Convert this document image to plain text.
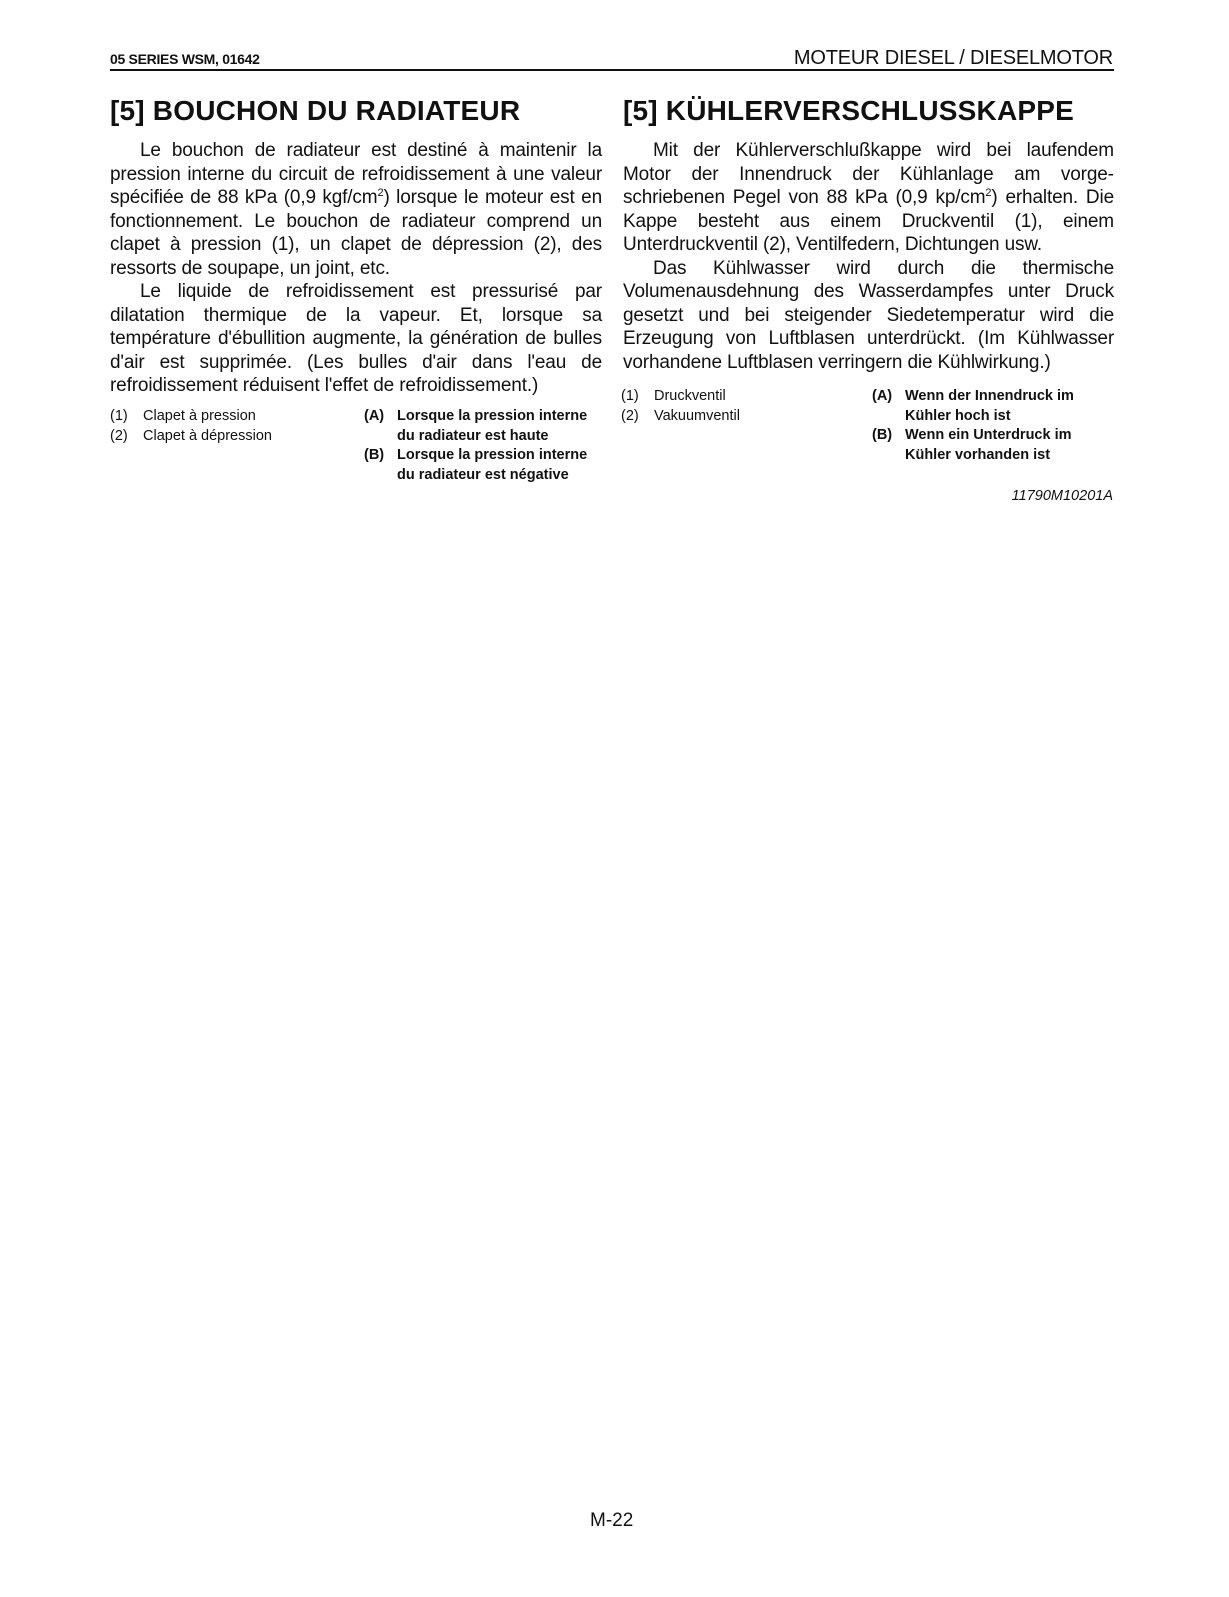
05 SERIES WSM, 01642	MOTEUR DIESEL / DIESELMOTOR
[5] BOUCHON DU RADIATEUR

Le bouchon de radiateur est destiné à maintenir la pression interne du circuit de refroidissement à une valeur spécifiée de 88 kPa (0,9 kgf/$cm^2$) lorsque le moteur est en fonctionnement. Le bouchon de radiateur comprend un clapet à pression (1), un clapet de dépression (2), des ressorts de soupape, un joint, etc.

Le liquide de refroidissement est pressurisé par dilatation thermique de la vapeur. Et, lorsque sa température d'ébullition augmente, la génération de bulles d'air est supprimée. (Les bulles d'air dans l'eau de refroidissement réduisent l'effet de refroidissement.)

(1)	Clapet à pression
(2)	Clapet à dépression
(A) Lorsque la pression interne
du radiateur est haute
(B) Lorsque la pression interne
du radiateur est négative
[5] KÜHLERVERSCHLUSSKAPPE

Mit der Kühlerverschlußkappe wird bei laufendem Motor der Innendruck der Kühlanlage am vorgeschriebenen Pegel von 88 kPa (0,9 $kp/cm^2$) erhalten. Die Kappe besteht aus einem Druckventil (1), einem Unterdruckventil (2), Ventilfedern, Dichtungen usw.

Das Kühlwasser wird durch die thermische Volumenausdehnung des Wasserdampfes unter Druck gesetzt und bei steigender Siedetemperatur wird die Erzeugung von Luftblasen unterdrückt. (Im Kühlwasser vorhandene Luftblasen verringern die Kühlwirkung.)

(1)	Druckventil
(2)	Vakuumventil
(A) Wenn der Innendruck im
Kühler hoch ist
(B) Wenn ein Unterdruck im
Kühler vorhanden ist
11790M10201A
M-22
